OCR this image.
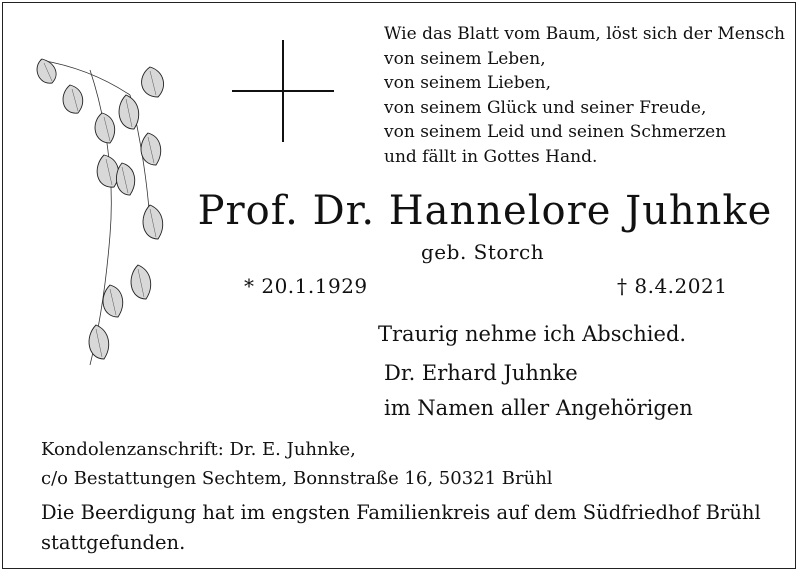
Wie das Blatt vom Baum, löst sich der Mensch
von seinem Leben,
von seinem Lieben,
von seinem Glück und seiner Freude,
von seinem Leid und seinen Schmerzen
und fällt in Gottes Hand.
Prof. Dr. Hannelore Juhnke
geb. Storch
* 20.1.1929	† 8.4.2021
Traurig nehme ich Abschied.
Dr. Erhard Juhnke
im Namen aller Angehörigen
Kondolenzanschrift: Dr. E. Juhnke,
c/o Bestattungen Sechtem, Bonnstraße 16, 50321 Brühl
Die Beerdigung hat im engsten Familienkreis auf dem Südfriedhof Brühl stattgefunden.
